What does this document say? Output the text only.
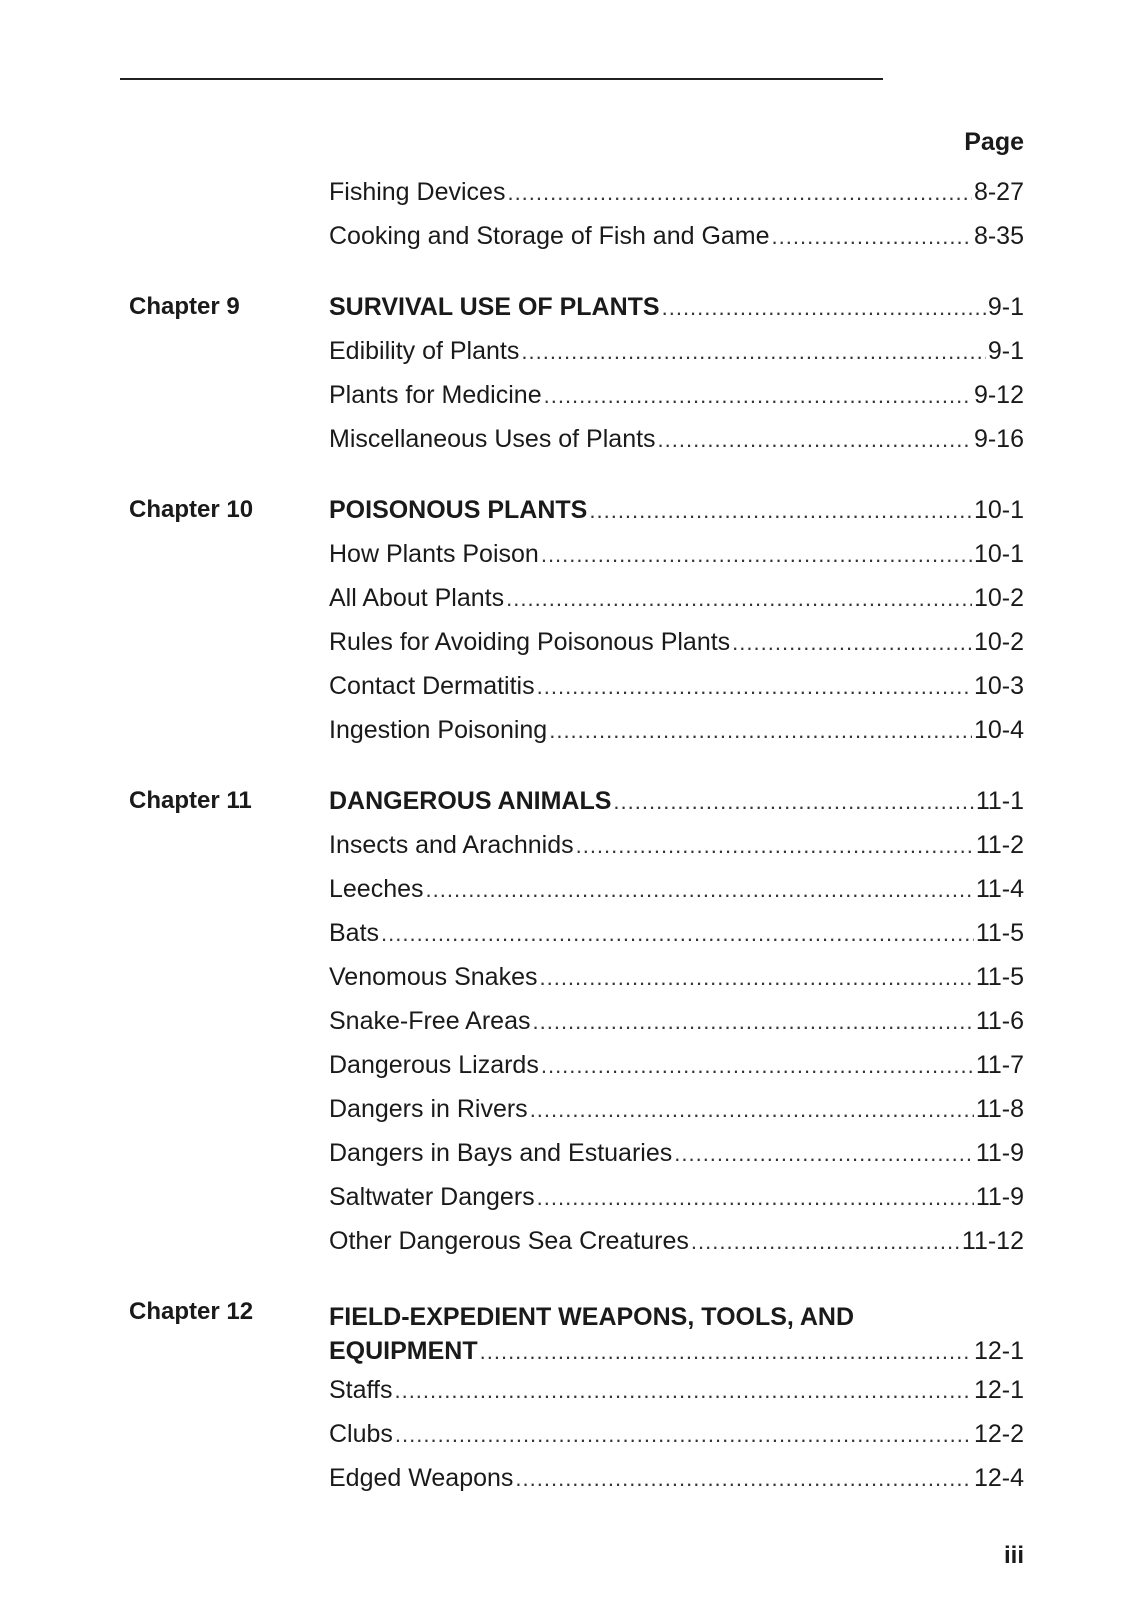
Page
Fishing Devices .....	8-27
Cooking and Storage of Fish and Game .....	8-35
Chapter 9	SURVIVAL USE OF PLANTS .....	9-1
Edibility of Plants .....	9-1
Plants for Medicine .....	9-12
Miscellaneous Uses of Plants .....	9-16
Chapter 10	POISONOUS PLANTS .....	10-1
How Plants Poison .....	10-1
All About Plants .....	10-2
Rules for Avoiding Poisonous Plants .....	10-2
Contact Dermatitis .....	10-3
Ingestion Poisoning .....	10-4
Chapter 11	DANGEROUS ANIMALS .....	11-1
Insects and Arachnids .....	11-2
Leeches .....	11-4
Bats .....	11-5
Venomous Snakes .....	11-5
Snake-Free Areas .....	11-6
Dangerous Lizards .....	11-7
Dangers in Rivers .....	11-8
Dangers in Bays and Estuaries .....	11-9
Saltwater Dangers .....	11-9
Other Dangerous Sea Creatures .....	11-12
Chapter 12	FIELD-EXPEDIENT WEAPONS, TOOLS, AND
EQUIPMENT .....	12-1
Staffs .....	12-1
Clubs .....	12-2
Edged Weapons .....	12-4
iii
